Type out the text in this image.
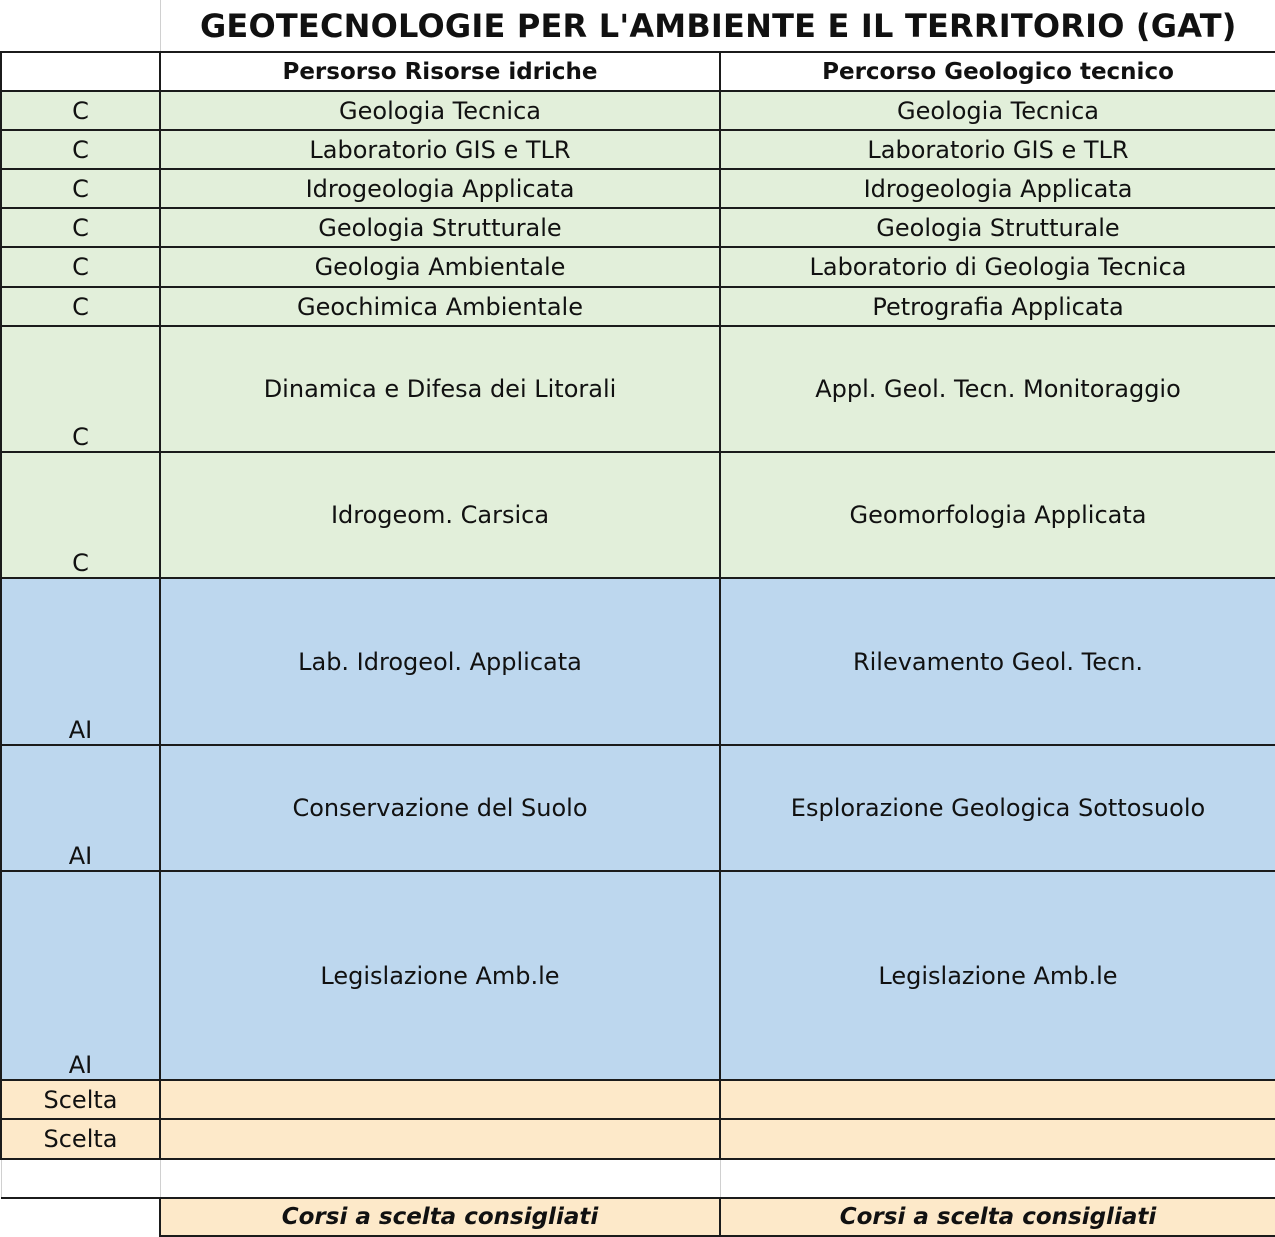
	GEOTECNOLOGIE PER L'AMBIENTE E IL TERRITORIO (GAT)	
	Persorso Risorse idriche	Percorso Geologico tecnico
C	Geologia Tecnica	Geologia Tecnica
C	Laboratorio GIS e TLR	Laboratorio GIS e TLR
C	Idrogeologia Applicata	Idrogeologia Applicata
C	Geologia Strutturale	Geologia Strutturale
C	Geologia Ambientale	Laboratorio di Geologia Tecnica
C	Geochimica Ambientale	Petrografia Applicata
C	Dinamica e Difesa dei Litorali	Appl. Geol. Tecn. Monitoraggio
C	Idrogeom. Carsica	Geomorfologia Applicata
AI	Lab. Idrogeol. Applicata	Rilevamento Geol. Tecn.
AI	Conservazione del Suolo	Esplorazione Geologica Sottosuolo
AI	Legislazione Amb.le	Legislazione Amb.le
Scelta		
Scelta		

	Corsi a scelta consigliati	Corsi a scelta consigliati
